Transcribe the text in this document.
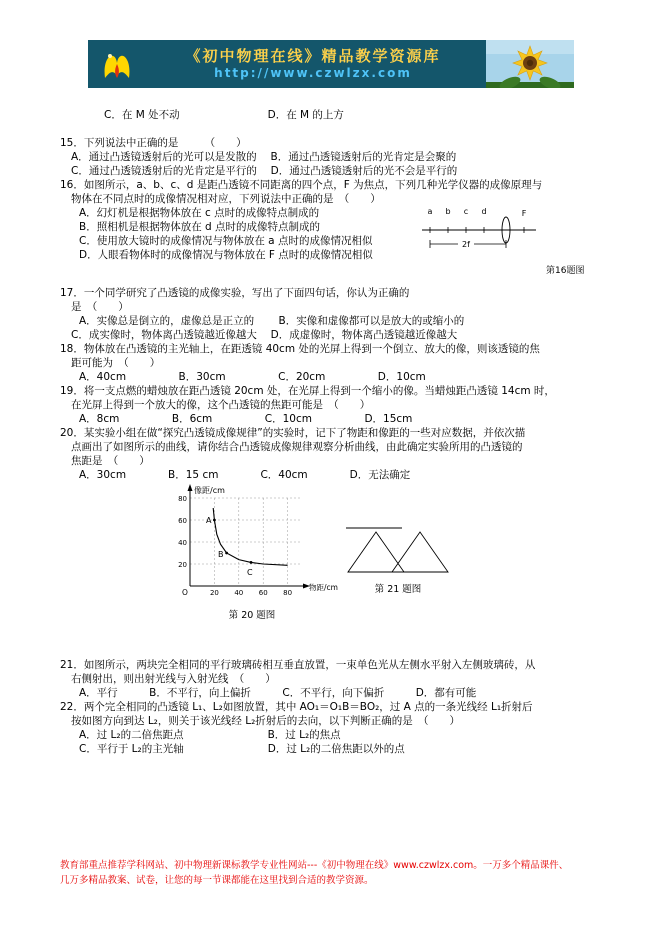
《初中物理在线》精品教学资源库
http://www.czwlzx.com

C．在 M 处不动	D．在 M 的上方

15．下列说法中正确的是　　　（　　）
A．通过凸透镜透射后的光可以是发散的　 B．通过凸透镜透射后的光肯定是会聚的
C．通过凸透镜透射后的光肯定是平行的　 D．通过凸透镜透射后的光不会是平行的
16．如图所示，a、b、c、d 是距凸透镜不同距离的四个点，F 为焦点，下列几种光学仪器的成像原理与
物体在不同点时的成像情况相对应，下列说法中正确的是　（　　）
A．幻灯机是根据物体放在 c 点时的成像特点制成的
B．照相机是根据物体放在 d 点时的成像特点制成的
C．使用放大镜时的成像情况与物体放在 a 点时的成像情况相似
D．人眼看物体时的成像情况与物体放在 F 点时的成像情况相似
17．一个同学研究了凸透镜的成像实验，写出了下面四句话，你认为正确的
是　（　　）
A．实像总是倒立的，虚像总是正立的　　 B．实像和虚像都可以是放大的或缩小的
C．成实像时，物体离凸透镜越近像越大　 D．成虚像时，物体离凸透镜越近像越大
18．物体放在凸透镜的主光轴上，在距透镜 40cm 处的光屏上得到一个倒立、放大的像，则该透镜的焦
距可能为　（　　）
A．40cm　　　　　B．30cm　　　　　C．20cm　　　　　D．10cm
19．将一支点燃的蜡烛放在距凸透镜 20cm 处，在光屏上得到一个缩小的像。当蜡烛距凸透镜 14cm 时，
在光屏上得到一个放大的像，这个凸透镜的焦距可能是　（　　）
A．8cm　　　　　B．6cm　　　　　C．10cm　　　　　D．15cm
20．某实验小组在做“探究凸透镜成像规律”的实验时，记下了物距和像距的一些对应数据，并依次描
点画出了如图所示的曲线，请你结合凸透镜成像规律观察分析曲线，由此确定实验所用的凸透镜的
焦距是　（　　）
A．30cm　　　　B．15 cm　　　　C．40cm　　　　D．无法确定
像距/cm
物距/cm
80
60
40
20
20 40 60 80
O
A
B
C
第 20 题图
第 21 题图
21．如图所示，两块完全相同的平行玻璃砖相互垂直放置，一束单色光从左侧水平射入左侧玻璃砖，从
右侧射出，则出射光线与入射光线　（　　）
A．平行　　　B．不平行，向上偏折　　　C．不平行，向下偏折　　　D．都有可能
22．两个完全相同的凸透镜 L₁、L₂如图放置，其中 AO₁＝O₁B＝BO₂，过 A 点的一条光线经 L₁折射后
按如图方向到达 L₂，则关于该光线经 L₂折射后的去向，以下判断正确的是　（　　）
A．过 L₂的二倍焦距点　　　　　　　　B．过 L₂的焦点
C．平行于 L₂的主光轴　　　　　　　　D．过 L₂的二倍焦距以外的点
a b c d	F
2f
第16题图
教育部重点推荐学科网站、初中物理新课标教学专业性网站---《初中物理在线》www.czwlzx.com。一万多个精品课件、
几万多精品教案、试卷，让您的每一节课都能在这里找到合适的教学资源。
